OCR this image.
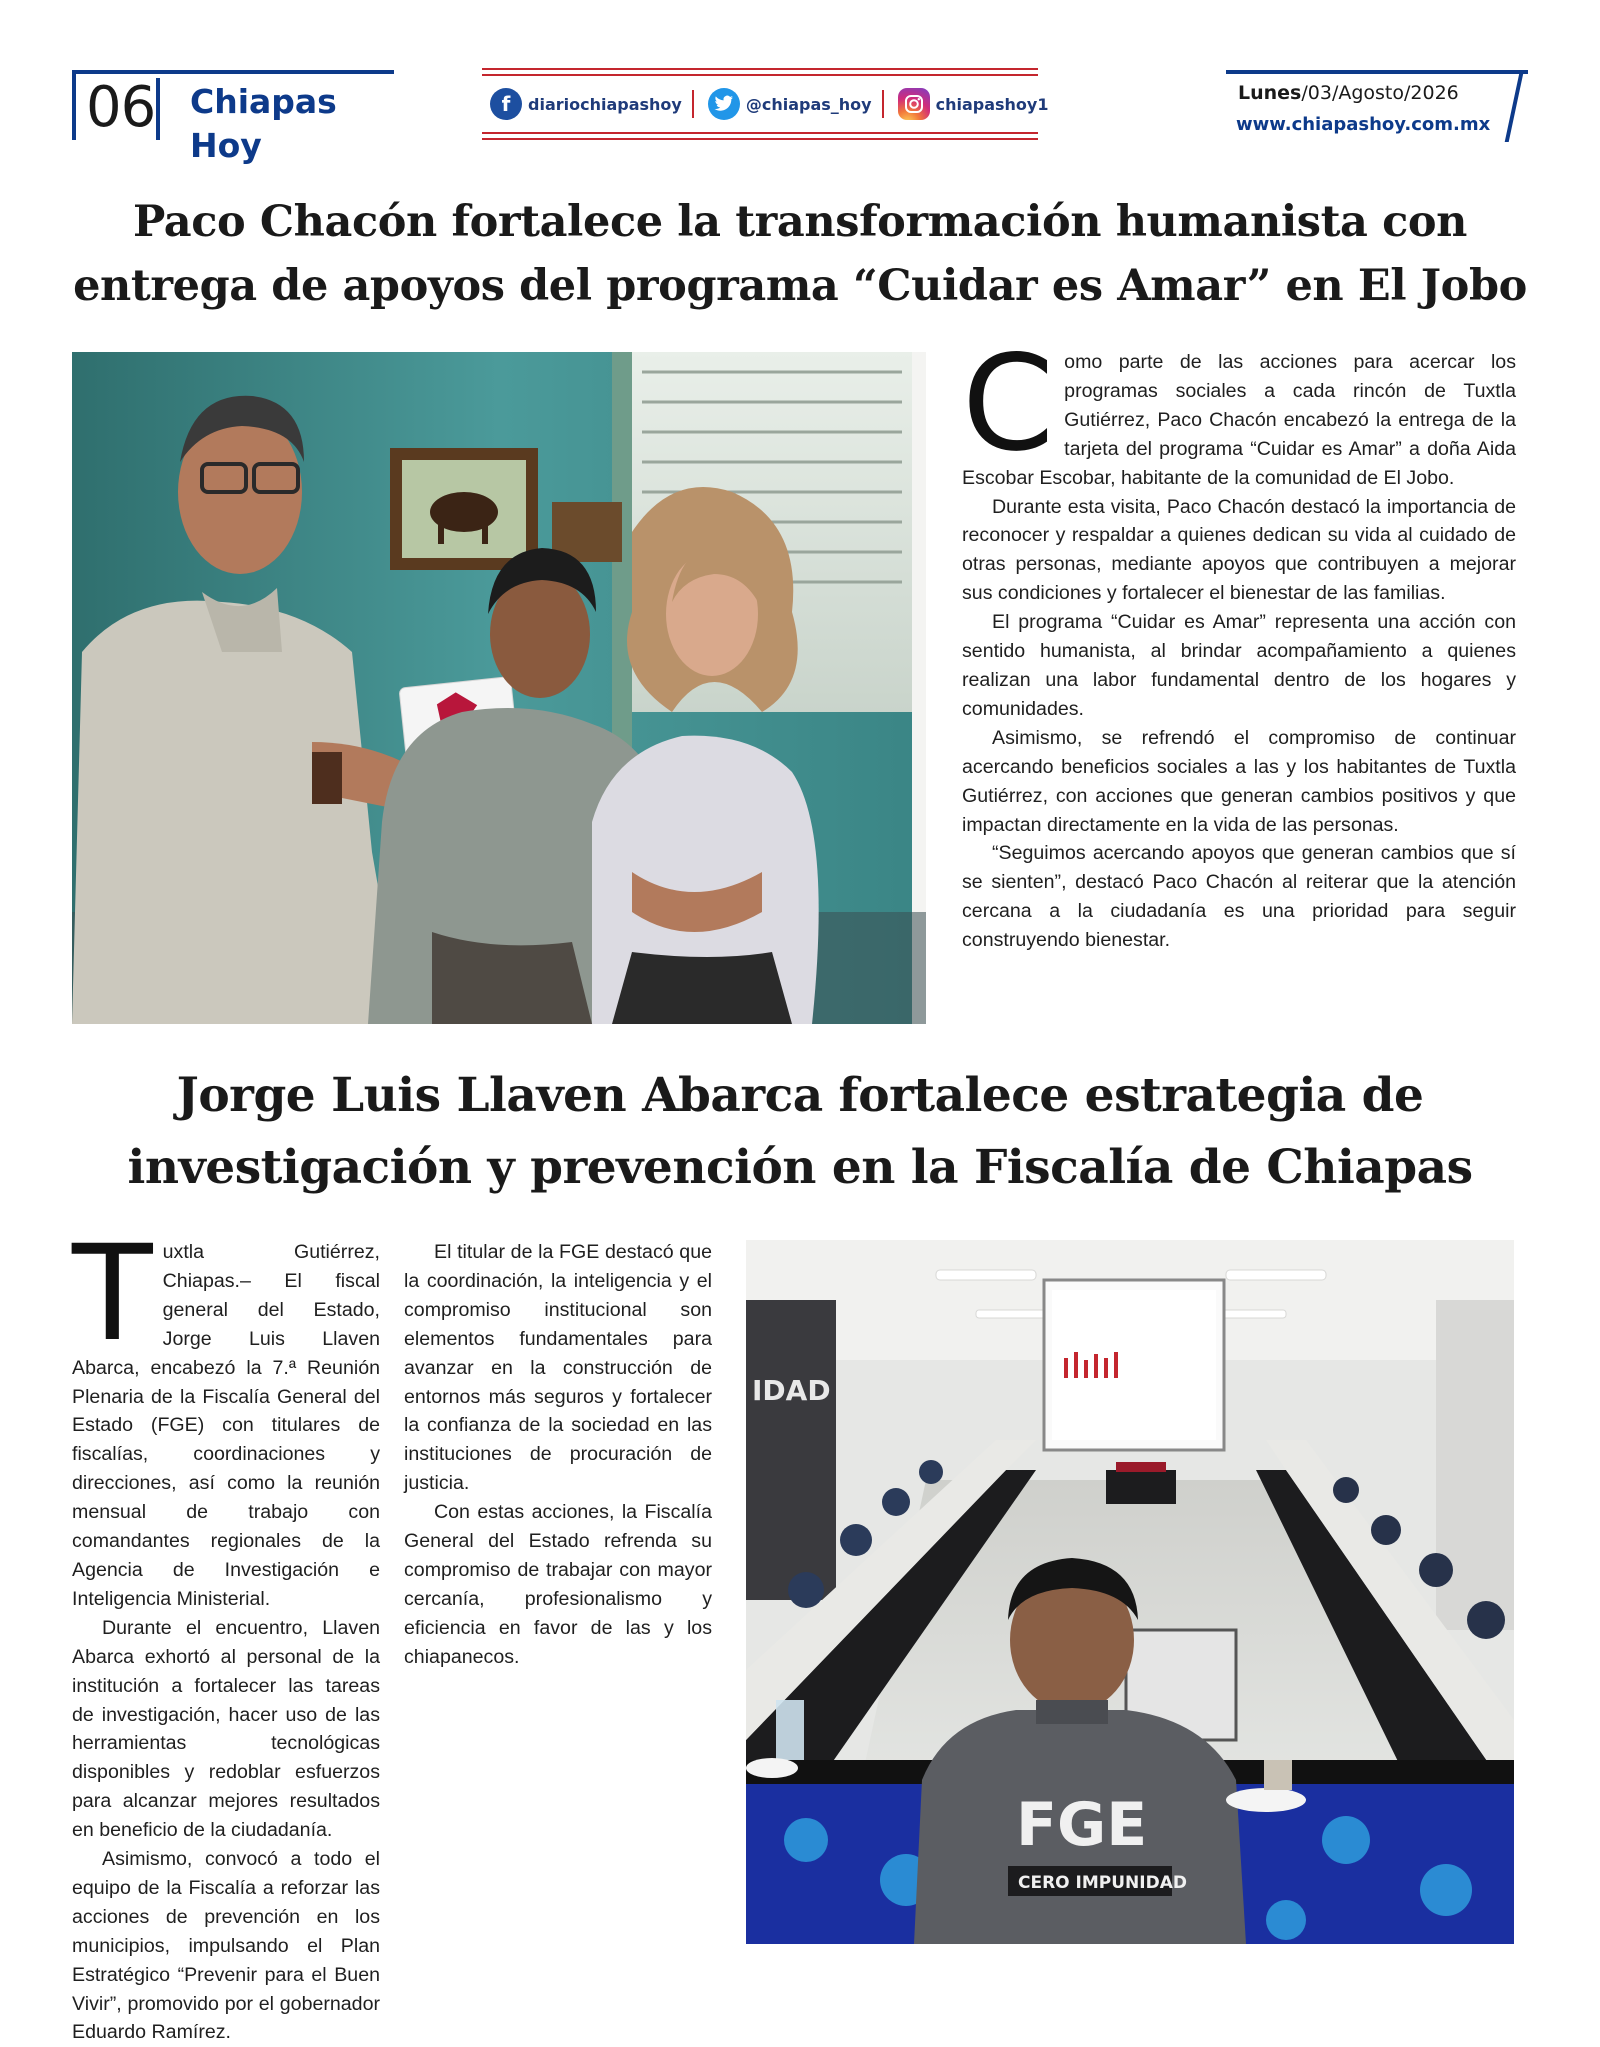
06 Chiapas Hoy
f	diariochiapashoy	@chiapas_hoy	chiapashoy1	Lunes/03/Agosto/2026
www.chiapashoy.com.mx
Paco Chacón fortalece la transformación humanista con
entrega de apoyos del programa “Cuidar es Amar” en El Jobo

Como parte de las acciones para acercar los programas sociales a cada rincón de Tuxtla Gutiérrez, Paco Chacón encabezó la entrega de la tarjeta del programa “Cuidar es Amar” a doña Aida Escobar Escobar, habitante de la comunidad de El Jobo.

Durante esta visita, Paco Chacón destacó la importancia de reconocer y respaldar a quienes dedican su vida al cuidado de otras personas, mediante apoyos que contribuyen a mejorar sus condiciones y fortalecer el bienestar de las familias.

El programa “Cuidar es Amar” representa una acción con sentido humanista, al brindar acompañamiento a quienes realizan una labor fundamental dentro de los hogares y comunidades.

Asimismo, se refrendó el compromiso de continuar acercando beneficios sociales a las y los habitantes de Tuxtla Gutiérrez, con acciones que generan cambios positivos y que impactan directamente en la vida de las personas.

“Seguimos acercando apoyos que generan cambios que sí se sienten”, destacó Paco Chacón al reiterar que la atención cercana a la ciudadanía es una prioridad para seguir construyendo bienestar.

Jorge Luis Llaven Abarca fortalece estrategia de
investigación y prevención en la Fiscalía de Chiapas

Tuxtla Gutiérrez, Chiapas.– El fiscal general del Estado, Jorge Luis Llaven Abarca, encabezó la 7.ª Reunión Plenaria de la Fiscalía General del Estado (FGE) con titulares de fiscalías, coordinaciones y direcciones, así como la reunión mensual de trabajo con comandantes regionales de la Agencia de Investigación e Inteligencia Ministerial.

Durante el encuentro, Llaven Abarca exhortó al personal de la institución a fortalecer las tareas de investigación, hacer uso de las herramientas tecnológicas disponibles y redoblar esfuerzos para alcanzar mejores resultados en beneficio de la ciudadanía.

Asimismo, convocó a todo el equipo de la Fiscalía a reforzar las acciones de prevención en los municipios, impulsando el Plan Estratégico “Prevenir para el Buen Vivir”, promovido por el gobernador Eduardo Ramírez.

El titular de la FGE destacó que la coordinación, la inteligencia y el compromiso institucional son elementos fundamentales para avanzar en la construcción de entornos más seguros y fortalecer la confianza de la sociedad en las instituciones de procuración de justicia.

Con estas acciones, la Fiscalía General del Estado refrenda su compromiso de trabajar con mayor cercanía, profesionalismo y eficiencia en favor de las y los chiapanecos.

IDAD
FGE
CERO IMPUNIDAD
